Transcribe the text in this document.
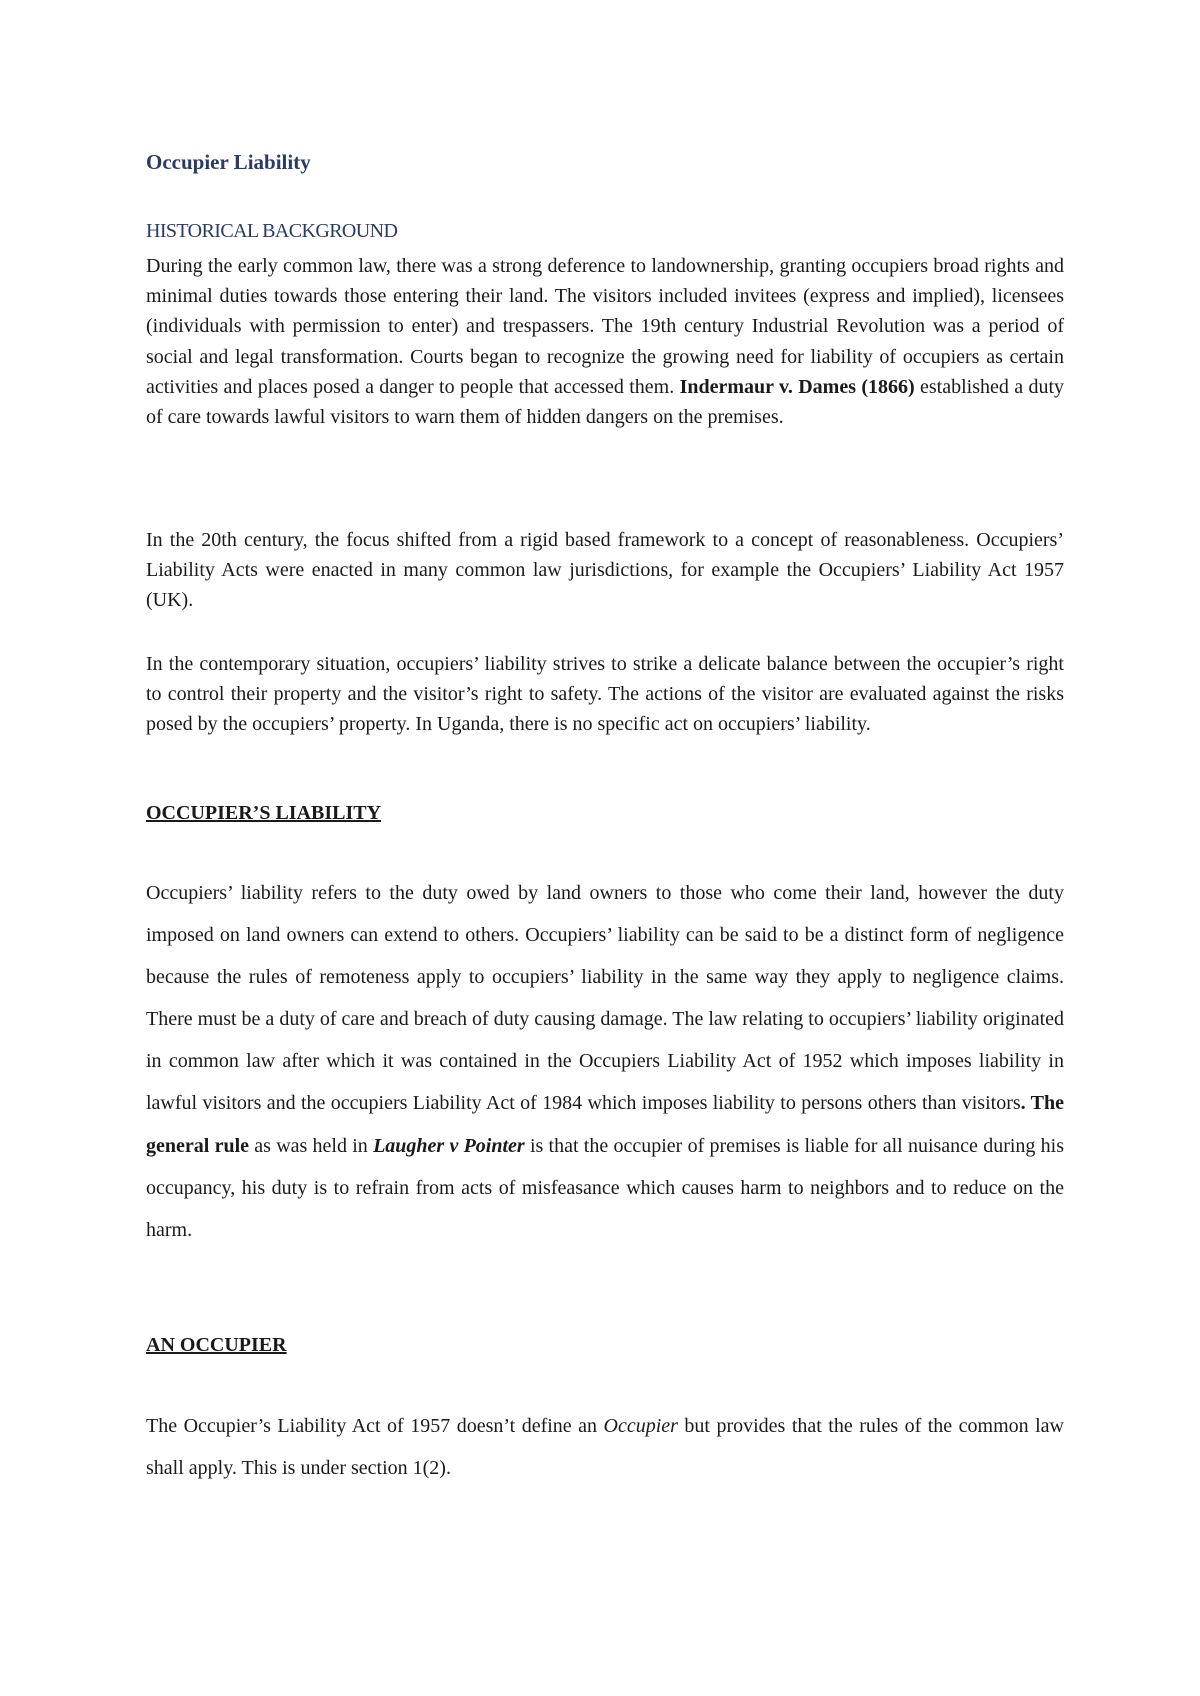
Occupier Liability

HISTORICAL BACKGROUND

During the early common law, there was a strong deference to landownership, granting occupiers broad rights and minimal duties towards those entering their land. The visitors included invitees (express and implied), licensees (individuals with permission to enter) and trespassers. The 19th century Industrial Revolution was a period of social and legal transformation. Courts began to recognize the growing need for liability of occupiers as certain activities and places posed a danger to people that accessed them. Indermaur v. Dames (1866) established a duty of care towards lawful visitors to warn them of hidden dangers on the premises.

In the 20th century, the focus shifted from a rigid based framework to a concept of reasonableness. Occupiers’ Liability Acts were enacted in many common law jurisdictions, for example the Occupiers’ Liability Act 1957 (UK).

In the contemporary situation, occupiers’ liability strives to strike a delicate balance between the occupier’s right to control their property and the visitor’s right to safety. The actions of the visitor are evaluated against the risks posed by the occupiers’ property. In Uganda, there is no specific act on occupiers’ liability.

OCCUPIER’S LIABILITY

Occupiers’ liability refers to the duty owed by land owners to those who come their land, however the duty imposed on land owners can extend to others. Occupiers’ liability can be said to be a distinct form of negligence because the rules of remoteness apply to occupiers’ liability in the same way they apply to negligence claims. There must be a duty of care and breach of duty causing damage. The law relating to occupiers’ liability originated in common law after which it was contained in the Occupiers Liability Act of 1952 which imposes liability in lawful visitors and the occupiers Liability Act of 1984 which imposes liability to persons others than visitors. The general rule as was held in Laugher v Pointer is that the occupier of premises is liable for all nuisance during his occupancy, his duty is to refrain from acts of misfeasance which causes harm to neighbors and to reduce on the harm.

AN OCCUPIER

The Occupier’s Liability Act of 1957 doesn’t define an Occupier but provides that the rules of the common law shall apply. This is under section 1(2).
